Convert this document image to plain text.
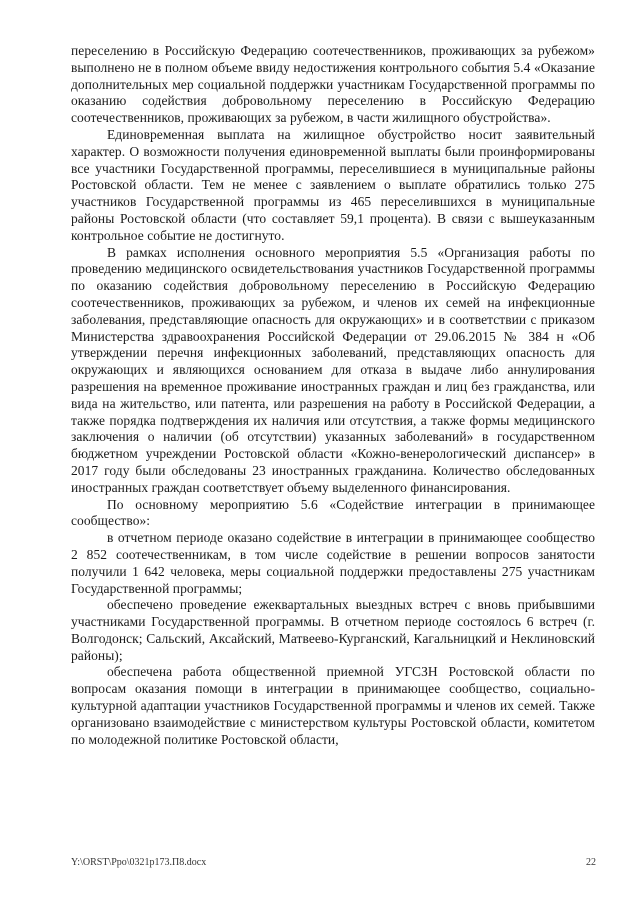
переселению в Российскую Федерацию соотечественников, проживающих за рубежом» выполнено не в полном объеме ввиду недостижения контрольного события 5.4 «Оказание дополнительных мер социальной поддержки участникам Государственной программы по оказанию содействия добровольному переселению в Российскую Федерацию соотечественников, проживающих за рубежом, в части жилищного обустройства».

Единовременная выплата на жилищное обустройство носит заявительный характер. О возможности получения единовременной выплаты были проинформированы все участники Государственной программы, переселившиеся в муниципальные районы Ростовской области. Тем не менее с заявлением о выплате обратились только 275 участников Государственной программы из 465 переселившихся в муниципальные районы Ростовской области (что составляет 59,1 процента). В связи с вышеуказанным контрольное событие не достигнуто.

В рамках исполнения основного мероприятия 5.5 «Организация работы по проведению медицинского освидетельствования участников Государственной программы по оказанию содействия добровольному переселению в Российскую Федерацию соотечественников, проживающих за рубежом, и членов их семей на инфекционные заболевания, представляющие опасность для окружающих» и в соответствии с приказом Министерства здравоохранения Российской Федерации от 29.06.2015 № 384 н «Об утверждении перечня инфекционных заболеваний, представляющих опасность для окружающих и являющихся основанием для отказа в выдаче либо аннулирования разрешения на временное проживание иностранных граждан и лиц без гражданства, или вида на жительство, или патента, или разрешения на работу в Российской Федерации, а также порядка подтверждения их наличия или отсутствия, а также формы медицинского заключения о наличии (об отсутствии) указанных заболеваний» в государственном бюджетном учреждении Ростовской области «Кожно-венерологический диспансер» в 2017 году были обследованы 23 иностранных гражданина. Количество обследованных иностранных граждан соответствует объему выделенного финансирования.

По основному мероприятию 5.6 «Содействие интеграции в принимающее сообщество»:

в отчетном периоде оказано содействие в интеграции в принимающее сообщество 2 852 соотечественникам, в том числе содействие в решении вопросов занятости получили 1 642 человека, меры социальной поддержки предоставлены 275 участникам Государственной программы;

обеспечено проведение ежеквартальных выездных встреч с вновь прибывшими участниками Государственной программы. В отчетном периоде состоялось 6 встреч (г. Волгодонск; Сальский, Аксайский, Матвеево-Курганский, Кагальницкий и Неклиновский районы);

обеспечена работа общественной приемной УГСЗН Ростовской области по вопросам оказания помощи в интеграции в принимающее сообщество, социально-культурной адаптации участников Государственной программы и членов их семей. Также организовано взаимодействие с министерством культуры Ростовской области, комитетом по молодежной политике Ростовской области,

Y:\ORST\Ppo\0321p173.П8.docx	22
